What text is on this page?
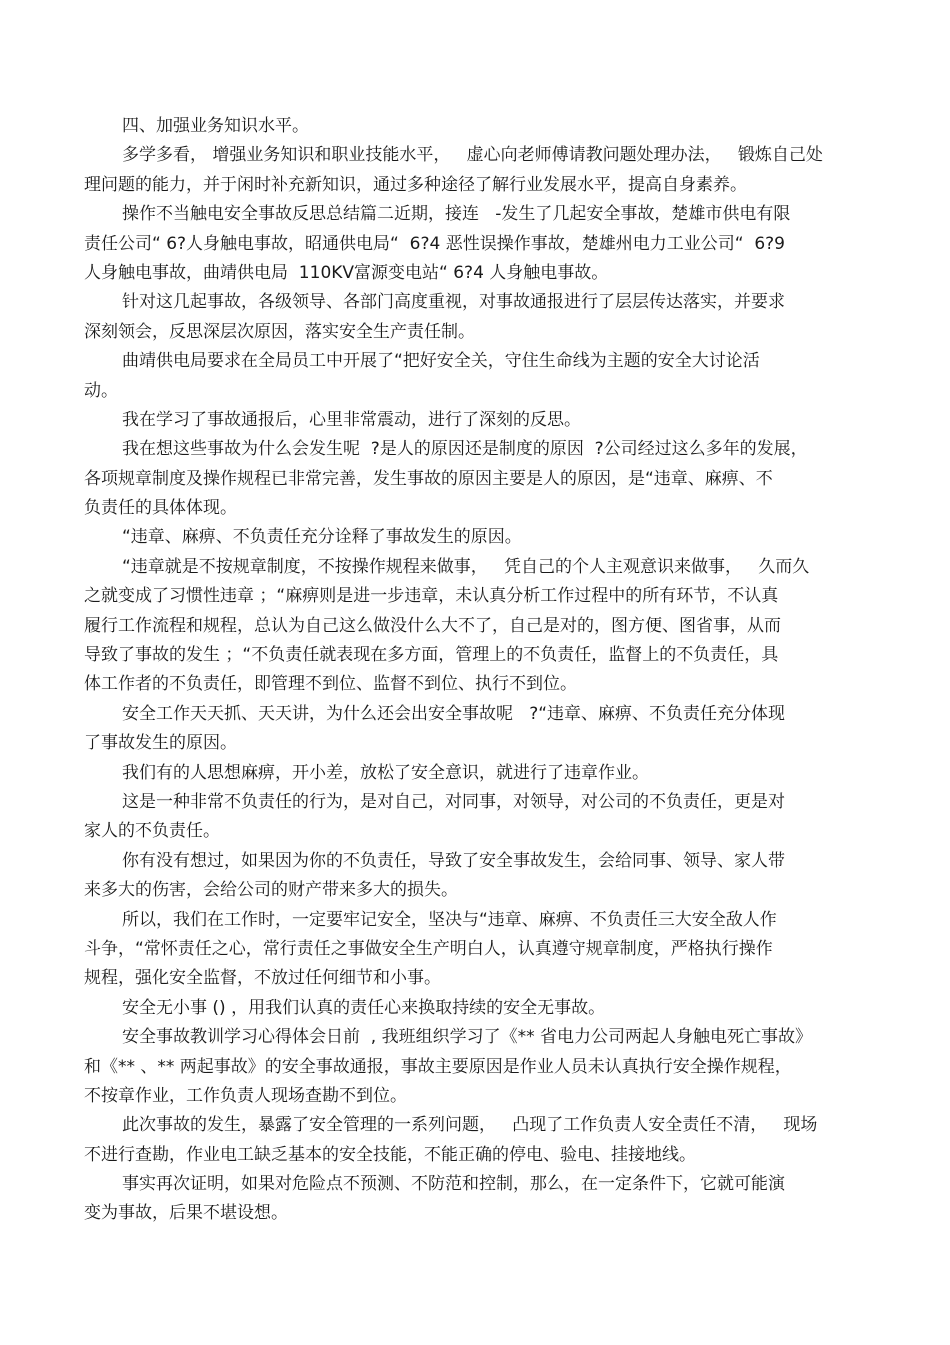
四、加强业务知识水平。
多学多看， 增强业务知识和职业技能水平，   虚心向老师傅请教问题处理办法，   锻炼自己处
理问题的能力，并于闲时补充新知识，通过多种途径了解行业发展水平，提高自身素养。
操作不当触电安全事故反思总结篇二近期，接连   -发生了几起安全事故，楚雄市供电有限
责任公司“ 6?人身触电事故，昭通供电局“  6?4 恶性误操作事故，楚雄州电力工业公司“  6?9
人身触电事故，曲靖供电局  110KV富源变电站“ 6?4 人身触电事故。
针对这几起事故，各级领导、各部门高度重视，对事故通报进行了层层传达落实，并要求
深刻领会，反思深层次原因，落实安全生产责任制。
曲靖供电局要求在全局员工中开展了“把好安全关，守住生命线为主题的安全大讨论活
动。
我在学习了事故通报后，心里非常震动，进行了深刻的反思。
我在想这些事故为什么会发生呢  ?是人的原因还是制度的原因  ?公司经过这么多年的发展，
各项规章制度及操作规程已非常完善，发生事故的原因主要是人的原因，是“违章、麻痹、不
负责任的具体体现。
“违章、麻痹、不负责任充分诠释了事故发生的原因。
“违章就是不按规章制度，不按操作规程来做事，   凭自己的个人主观意识来做事，   久而久
之就变成了习惯性违章 ；“麻痹则是进一步违章，未认真分析工作过程中的所有环节，不认真
履行工作流程和规程，总认为自己这么做没什么大不了，自己是对的，图方便、图省事，从而
导致了事故的发生 ；“不负责任就表现在多方面，管理上的不负责任，监督上的不负责任，具
体工作者的不负责任，即管理不到位、监督不到位、执行不到位。
安全工作天天抓、天天讲，为什么还会出安全事故呢   ?“违章、麻痹、不负责任充分体现
了事故发生的原因。
我们有的人思想麻痹，开小差，放松了安全意识，就进行了违章作业。
这是一种非常不负责任的行为，是对自己，对同事，对领导，对公司的不负责任，更是对
家人的不负责任。
你有没有想过，如果因为你的不负责任，导致了安全事故发生，会给同事、领导、家人带
来多大的伤害，会给公司的财产带来多大的损失。
所以，我们在工作时，一定要牢记安全，坚决与“违章、麻痹、不负责任三大安全敌人作
斗争，“常怀责任之心，常行责任之事做安全生产明白人，认真遵守规章制度，严格执行操作
规程，强化安全监督，不放过任何细节和小事。
安全无小事 () ，用我们认真的责任心来换取持续的安全无事故。
安全事故教训学习心得体会日前  , 我班组织学习了《** 省电力公司两起人身触电死亡事故》
和《** 、** 两起事故》的安全事故通报，事故主要原因是作业人员未认真执行安全操作规程，
不按章作业，工作负责人现场查勘不到位。
此次事故的发生，暴露了安全管理的一系列问题，   凸现了工作负责人安全责任不清，   现场
不进行查勘，作业电工缺乏基本的安全技能，不能正确的停电、验电、挂接地线。
事实再次证明，如果对危险点不预测、不防范和控制，那么，在一定条件下，它就可能演
变为事故，后果不堪设想。
